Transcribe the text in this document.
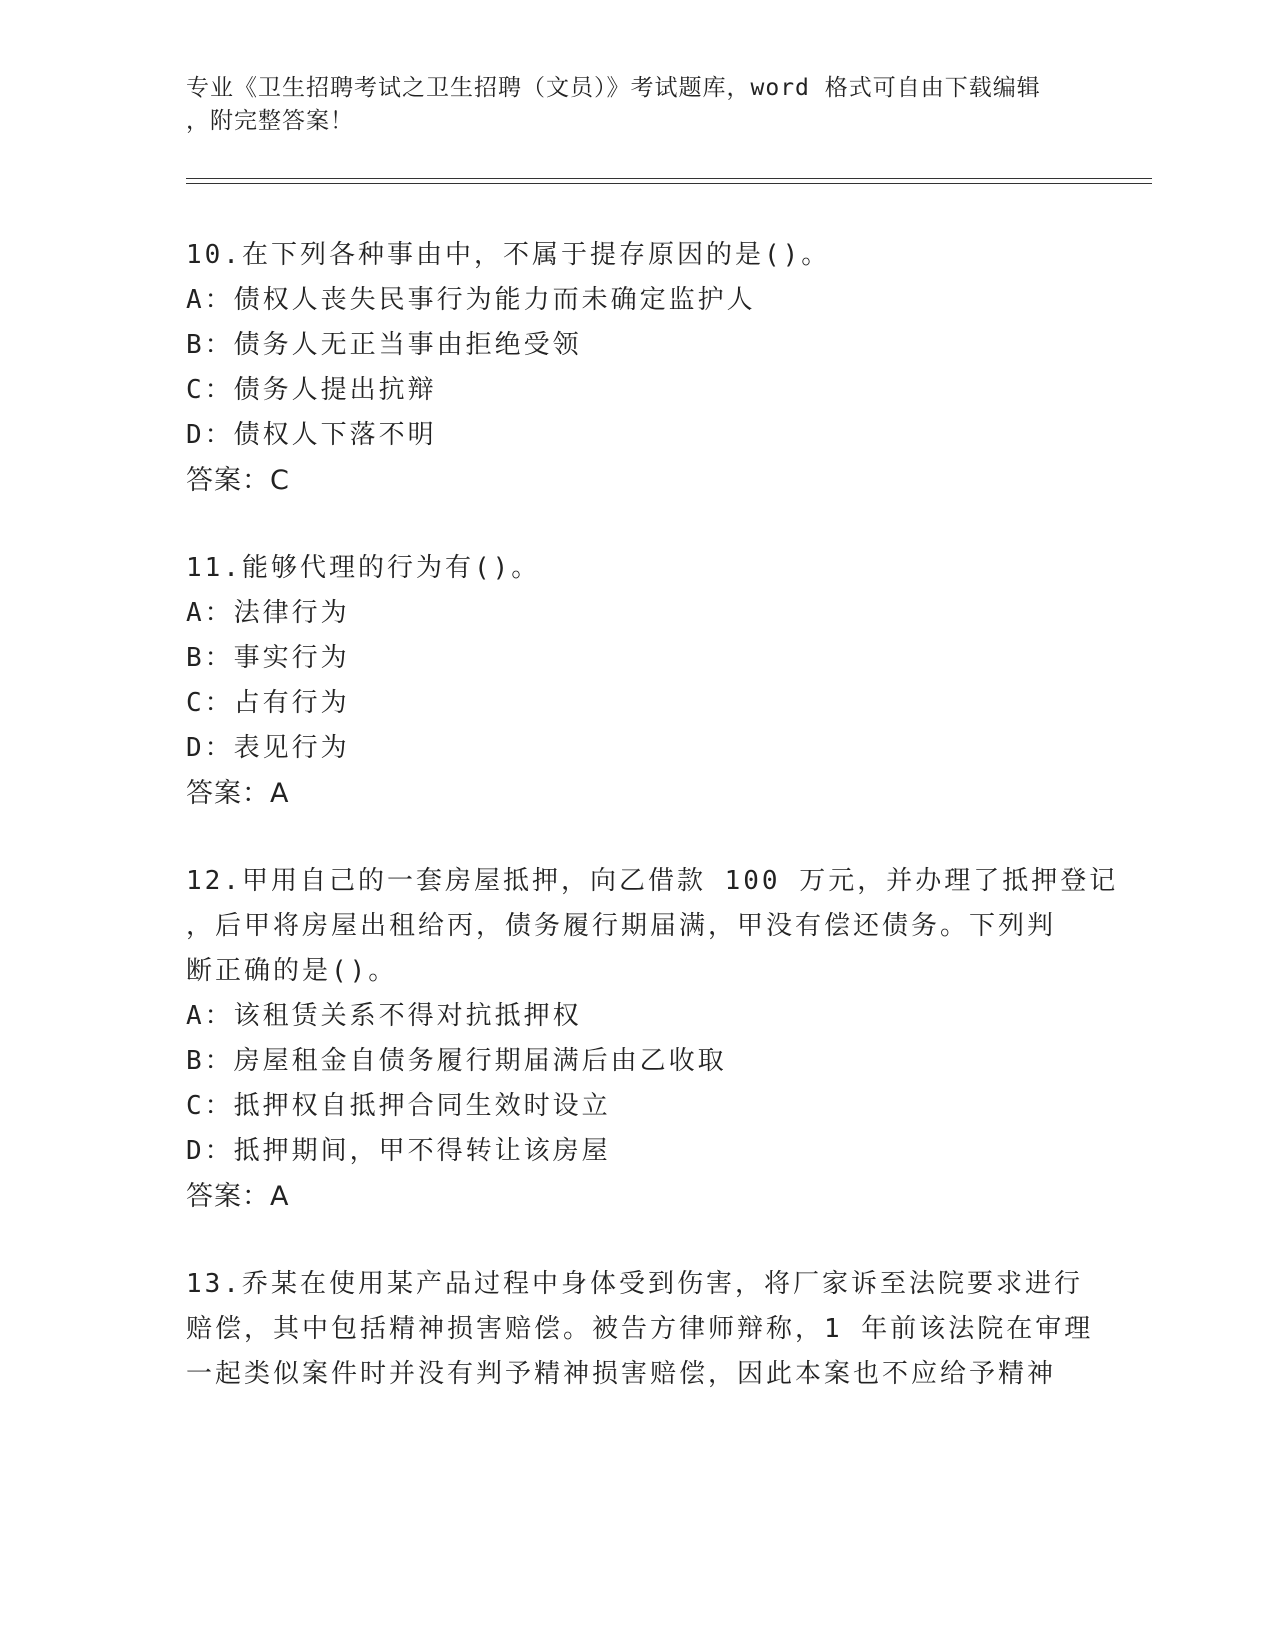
专业《卫生招聘考试之卫生招聘（文员）》考试题库，word 格式可自由下载编辑
，附完整答案！
10.在下列各种事由中，不属于提存原因的是()。
A：债权人丧失民事行为能力而未确定监护人
B：债务人无正当事由拒绝受领
C：债务人提出抗辩
D：债权人下落不明
答案：C
11.能够代理的行为有()。
A：法律行为
B：事实行为
C：占有行为
D：表见行为
答案：A
12.甲用自己的一套房屋抵押，向乙借款 100 万元，并办理了抵押登记
，后甲将房屋出租给丙，债务履行期届满，甲没有偿还债务。下列判
断正确的是()。
A：该租赁关系不得对抗抵押权
B：房屋租金自债务履行期届满后由乙收取
C：抵押权自抵押合同生效时设立
D：抵押期间，甲不得转让该房屋
答案：A
13.乔某在使用某产品过程中身体受到伤害，将厂家诉至法院要求进行
赔偿，其中包括精神损害赔偿。被告方律师辩称，1 年前该法院在审理
一起类似案件时并没有判予精神损害赔偿，因此本案也不应给予精神
